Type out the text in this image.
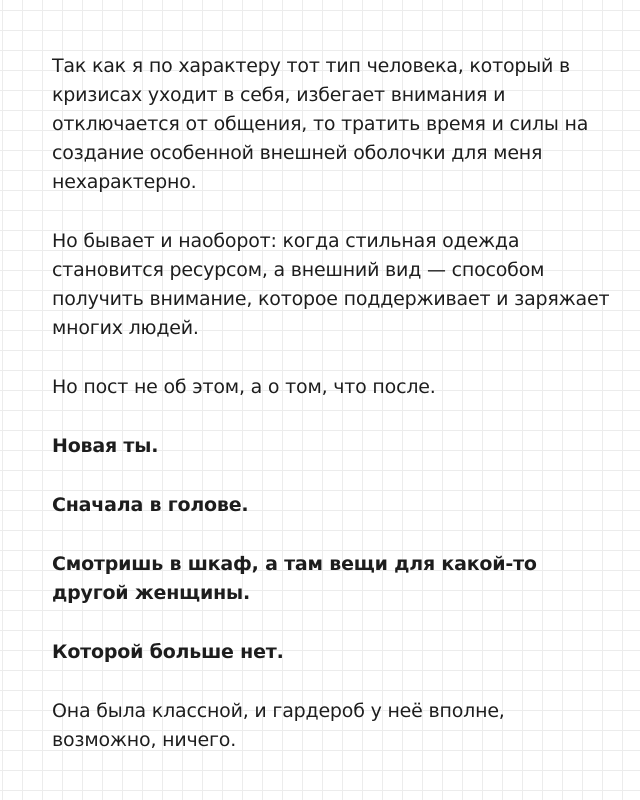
Так как я по характеру тот тип человека, который в кризисах уходит в себя, избегает внимания и отключается от общения, то тратить время и силы на создание особенной внешней оболочки для меня нехарактерно.

Но бывает и наоборот: когда стильная одежда становится ресурсом, а внешний вид — способом получить внимание, которое поддерживает и заряжает многих людей.

Но пост не об этом, а о том, что после.

Новая ты.

Сначала в голове.

Смотришь в шкаф, а там вещи для какой-то другой женщины.

Которой больше нет.

Она была классной, и гардероб у неё вполне, возможно, ничего.
